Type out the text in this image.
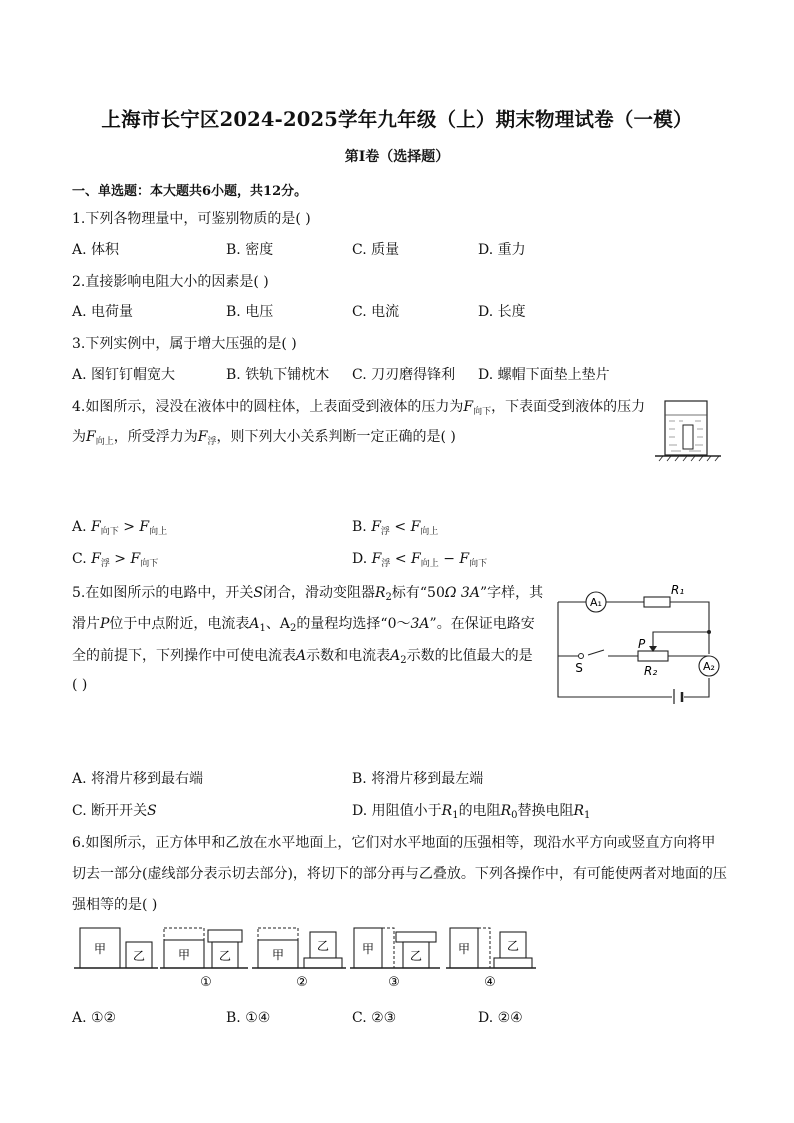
上海市长宁区2024-2025学年九年级（上）期末物理试卷（一模）
第Ⅰ卷（选择题）
一、单选题：本大题共6小题，共12分。
1.下列各物理量中，可鉴别物质的是( )
A. 体积	B. 密度	C. 质量	D. 重力
2.直接影响电阻大小的因素是( )
A. 电荷量	B. 电压	C. 电流	D. 长度
3.下列实例中，属于增大压强的是( )
A. 图钉钉帽宽大	B. 铁轨下铺枕木 C. 刀刃磨得锋利 D. 螺帽下面垫上垫片
4.如图所示，浸没在液体中的圆柱体，上表面受到液体的压力为$F_{向下}$，下表面受到液体的压力
为$F_{向上}$，所受浮力为$F_浮$，则下列大小关系判断一定正确的是( )
A. $F_{向下} > F_{向上}$	B. $F_浮 < F_{向上}$
C. $F_浮 > F_{向下}$	D. $F_浮 < F_{向上} - F_{向下}$
5.在如图所示的电路中，开关S闭合，滑动变阻器$R_2$标有“50Ω 3A”字样，其
滑片P位于中点附近，电流表$A_1$、$A_2$的量程均选择“0～3A”。在保证电路安
全的前提下，下列操作中可使电流表A示数和电流表$A_2$示数的比值最大的是
( )
A₁
R₁
P
R₂
S	A₂
A. 将滑片移到最右端	B. 将滑片移到最左端
C. 断开开关S	D. 用阻值小于$R_1$的电阻$R_0$替换电阻$R_1$
6.如图所示，正方体甲和乙放在水平地面上，它们对水平地面的压强相等，现沿水平方向或竖直方向将甲
切去一部分(虚线部分表示切去部分)，将切下的部分再与乙叠放。下列各操作中，有可能使两者对地面的压
强相等的是( )
甲 乙	甲 乙
①
甲
乙
②
甲	乙
③
甲	乙
④
A. ①②	B. ①④	C. ②③	D. ②④
